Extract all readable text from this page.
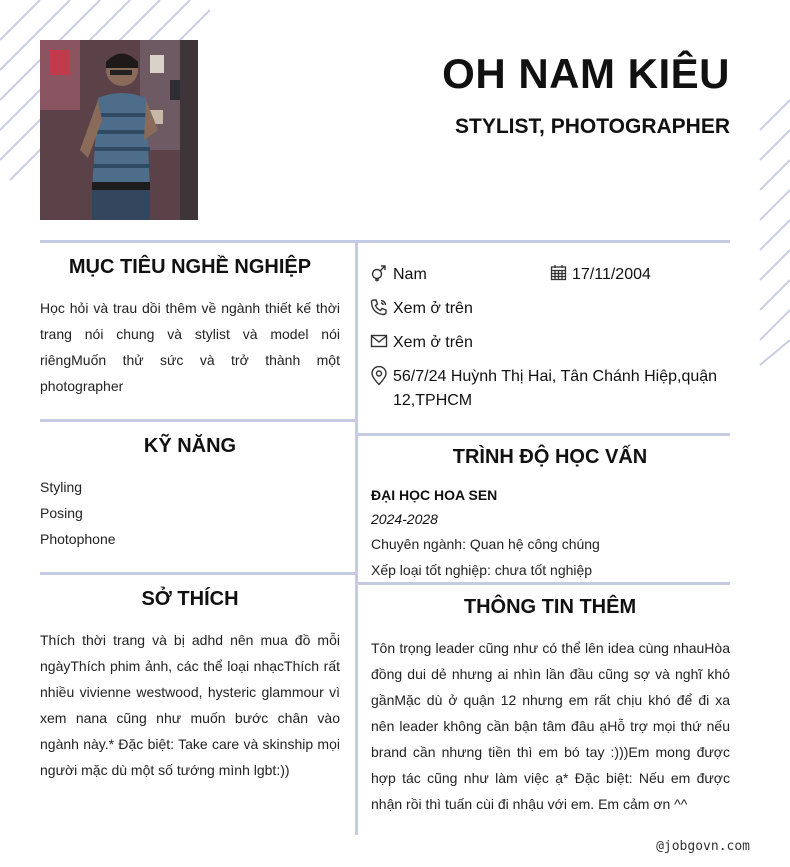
OH NAM KIÊU
STYLIST, PHOTOGRAPHER
MỤC TIÊU NGHỀ NGHIỆP

Học hỏi và trau dồi thêm về ngành thiết kế thời trang nói chung và stylist và model nói riêngMuốn thử sức và trở thành một photographer

KỸ NĂNG
Styling
Posing
Photophone
SỞ THÍCH

Thích thời trang và bị adhd nên mua đồ mỗi ngàyThích phim ảnh, các thể loại nhạcThích rất nhiều vivienne westwood, hysteric glammour vì xem nana cũng như muốn bước chân vào ngành này.* Đặc biệt: Take care và skinship mọi người mặc dù một số tướng mình lgbt:))

Nam	17/11/2004
Xem ở trên
Xem ở trên
56/7/24 Huỳnh Thị Hai, Tân Chánh Hiệp,quận 12,TPHCM
TRÌNH ĐỘ HỌC VẤN
ĐẠI HỌC HOA SEN
2024-2028
Chuyên ngành: Quan hệ công chúng
Xếp loại tốt nghiệp: chưa tốt nghiệp
THÔNG TIN THÊM

Tôn trọng leader cũng như có thể lên idea cùng nhauHòa đồng dui dẻ nhưng ai nhìn lần đầu cũng sợ và nghĩ khó gầnMặc dù ở quận 12 nhưng em rất chịu khó để đi xa nên leader không cần bận tâm đâu ạHỗ trợ mọi thứ nếu brand cần nhưng tiền thì em bó tay :)))Em mong được hợp tác cũng như làm việc ạ* Đặc biệt: Nếu em được nhận rồi thì tuấn cùi đi nhậu với em. Em cảm ơn ^^

@jobgovn.com
